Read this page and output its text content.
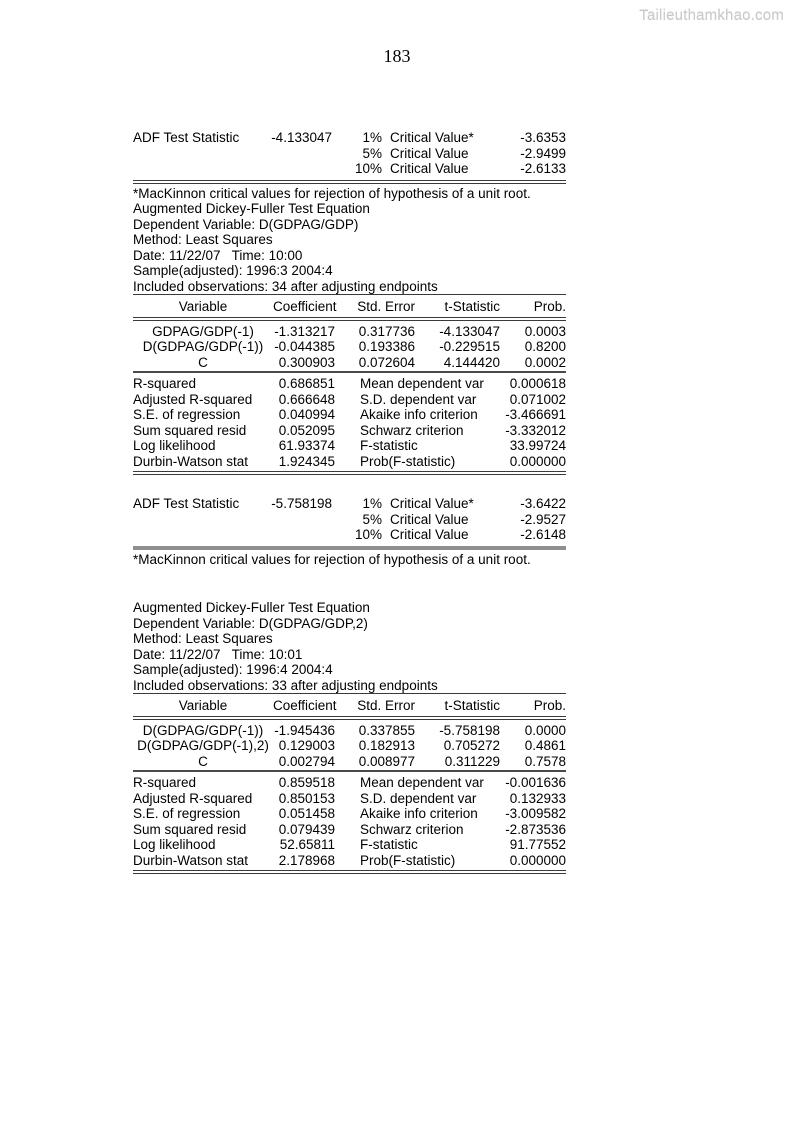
Tailieuthamkhao.com
183
ADF Test Statistic	-4.133047		1%	Critical Value*	-3.6353
			5%	Critical Value	-2.9499
			10%	Critical Value	-2.6133
*MacKinnon critical values for rejection of hypothesis of a unit root.
Augmented Dickey-Fuller Test Equation
Dependent Variable: D(GDPAG/GDP)
Method: Least Squares
Date: 11/22/07   Time: 10:00
Sample(adjusted): 1996:3 2004:4
Included observations: 34 after adjusting endpoints
Variable	Coefficient	Std. Error	t-Statistic	Prob.
GDPAG/GDP(-1)	-1.313217	0.317736	-4.133047	0.0003
D(GDPAG/GDP(-1))	-0.044385	0.193386	-0.229515	0.8200
C	0.300903	0.072604	4.144420	0.0002
R-squared	0.686851		Mean dependent var	0.000618
Adjusted R-squared	0.666648		S.D. dependent var	0.071002
S.E. of regression	0.040994		Akaike info criterion	-3.466691
Sum squared resid	0.052095		Schwarz criterion	-3.332012
Log likelihood	61.93374		F-statistic	33.99724
Durbin-Watson stat	1.924345		Prob(F-statistic)	0.000000
ADF Test Statistic	-5.758198		1%	Critical Value*	-3.6422
			5%	Critical Value	-2.9527
			10%	Critical Value	-2.6148
*MacKinnon critical values for rejection of hypothesis of a unit root.
Augmented Dickey-Fuller Test Equation
Dependent Variable: D(GDPAG/GDP,2)
Method: Least Squares
Date: 11/22/07   Time: 10:01
Sample(adjusted): 1996:4 2004:4
Included observations: 33 after adjusting endpoints
Variable	Coefficient	Std. Error	t-Statistic	Prob.
D(GDPAG/GDP(-1))	-1.945436	0.337855	-5.758198	0.0000
D(GDPAG/GDP(-1),2)	0.129003	0.182913	0.705272	0.4861
C	0.002794	0.008977	0.311229	0.7578
R-squared	0.859518		Mean dependent var	-0.001636
Adjusted R-squared	0.850153		S.D. dependent var	0.132933
S.E. of regression	0.051458		Akaike info criterion	-3.009582
Sum squared resid	0.079439		Schwarz criterion	-2.873536
Log likelihood	52.65811		F-statistic	91.77552
Durbin-Watson stat	2.178968		Prob(F-statistic)	0.000000
